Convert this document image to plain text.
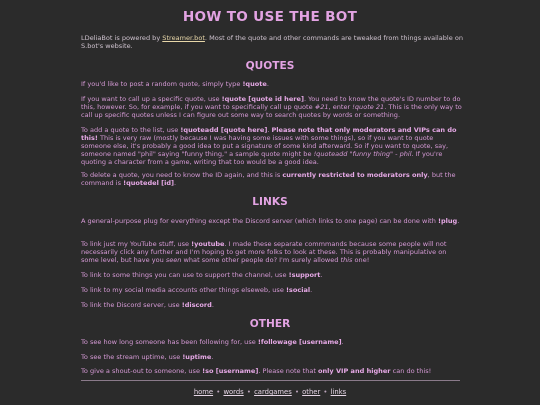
HOW TO USE THE BOT

LDeliaBot is powered by Streamer.bot. Most of the quote and other commands are tweaked from things available on S.bot's website.

QUOTES

If you'd like to post a random quote, simply type !quote.

If you want to call up a specific quote, use !quote [quote id here]. You need to know the quote's ID number to do this, however. So, for example, if you want to specifically call up quote #21, enter !quote 21. This is the only way to call up specific quotes unless I can figure out some way to search quotes by words or something.

To add a quote to the list, use !quoteadd [quote here]. Please note that only moderators and VIPs can do this! This is very raw (mostly because I was having some issues with some things), so if you want to quote someone else, it's probably a good idea to put a signature of some kind afterward. So if you want to quote, say, someone named "phil" saying "funny thing," a sample quote might be !quoteadd "funny thing" - phil. If you're quoting a character from a game, writing that too would be a good idea.

To delete a quote, you need to know the ID again, and this is currently restricted to moderators only, but the command is !quotedel [id].

LINKS

A general-purpose plug for everything except the Discord server (which links to one page) can be done with !plug.

To link just my YouTube stuff, use !youtube. I made these separate commmands because some people will not necessarily click any further and I'm hoping to get more folks to look at these. This is probably manipulative on some level, but have you seen what some other people do? I'm surely allowed this one!

To link to some things you can use to support the channel, use !support.

To link to my social media accounts other things elseweb, use !social.

To link the Discord server, use !discord.

OTHER

To see how long someone has been following for, use !followage [username].

To see the stream uptime, use !uptime.

To give a shout-out to someone, use !so [username]. Please note that only VIP and higher can do this!

home • words • cardgames • other • links
